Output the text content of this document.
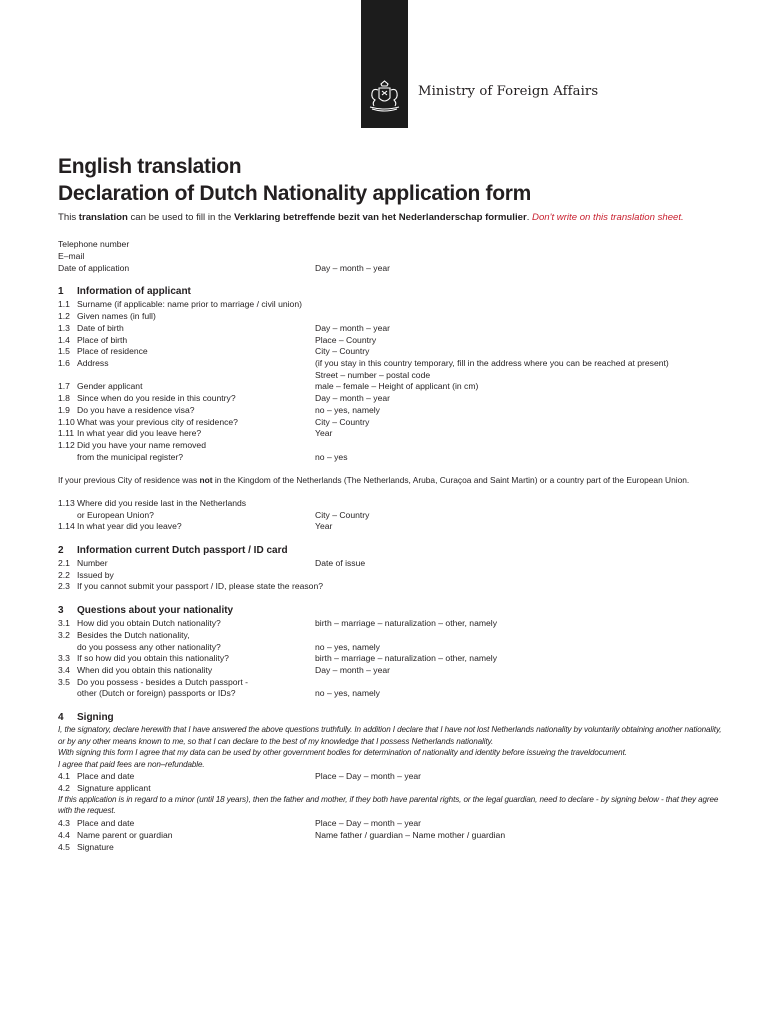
Ministry of Foreign Affairs
English translation
Declaration of Dutch Nationality application form
This translation can be used to fill in the Verklaring betreffende bezit van het Nederlanderschap formulier. Don't write on this translation sheet.
Telephone number
E–mail
Date of application	Day – month – year
1 Information of applicant
1.1 Surname (if applicable: name prior to marriage / civil union)
1.2 Given names (in full)
1.3 Date of birth	Day – month – year
1.4 Place of birth	Place – Country
1.5 Place of residence	City – Country
1.6 Address	(if you stay in this country temporary, fill in the address where you can be reached at present)
Street – number – postal code
1.7 Gender applicant	male – female – Height of applicant (in cm)
1.8 Since when do you reside in this country?	Day – month – year
1.9 Do you have a residence visa?	no – yes, namely
1.10 What was your previous city of residence?	City – Country
1.11 In what year did you leave here?	Year
1.12 Did you have your name removed
from the municipal register?	no – yes
If your previous City of residence was not in the Kingdom of the Netherlands (The Netherlands, Aruba, Curaçoa and Saint Martin) or a country part of the European Union.
1.13 Where did you reside last in the Netherlands
or European Union?	City – Country
1.14 In what year did you leave?	Year
2 Information current Dutch passport / ID card
2.1 Number	Date of issue
2.2 Issued by
2.3 If you cannot submit your passport / ID, please state the reason?
3 Questions about your nationality
3.1 How did you obtain Dutch nationality?	birth – marriage – naturalization – other, namely
3.2 Besides the Dutch nationality,
do you possess any other nationality?	no – yes, namely
3.3 If so how did you obtain this nationality?	birth – marriage – naturalization – other, namely
3.4 When did you obtain this nationality	Day – month – year
3.5 Do you possess - besides a Dutch passport -
other (Dutch or foreign) passports or IDs?	no – yes, namely
4 Signing
I, the signatory, declare herewith that I have answered the above questions truthfully. In addition I declare that I have not lost Netherlands nationality by voluntarily obtaining another nationality,
or by any other means known to me, so that I can declare to the best of my knowledge that I possess Netherlands nationality.
With signing this form I agree that my data can be used by other government bodies for determination of nationality and identity before issueing the traveldocument.
I agree that paid fees are non–refundable.
4.1 Place and date	Place – Day – month – year
4.2 Signature applicant
If this application is in regard to a minor (until 18 years), then the father and mother, if they both have parental rights, or the legal guardian, need to declare - by signing below - that they agree
with the request.
4.3 Place and date	Place – Day – month – year
4.4 Name parent or guardian	Name father / guardian – Name mother / guardian
4.5 Signature
